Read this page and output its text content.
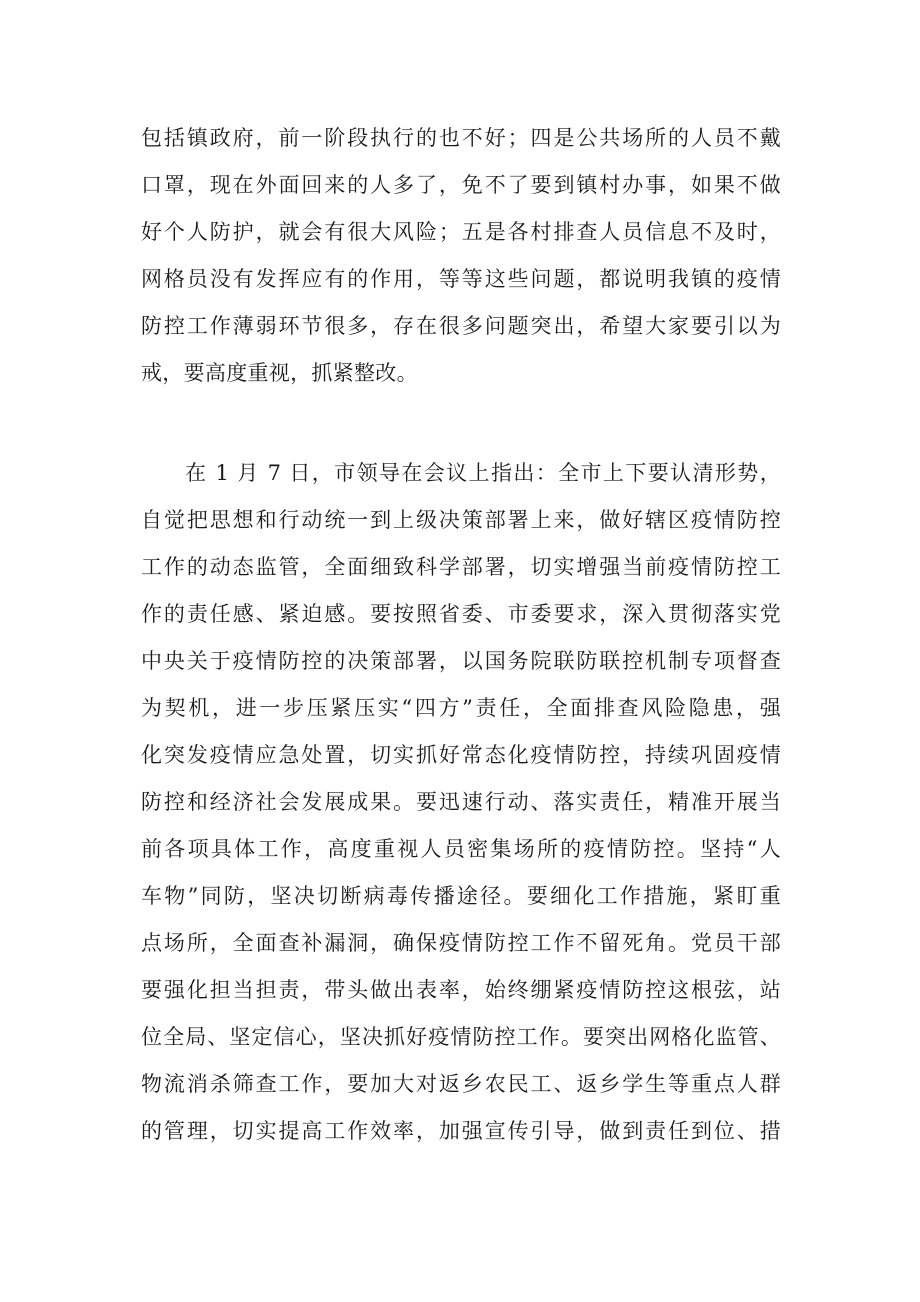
包括镇政府，前一阶段执行的也不好；四是公共场所的人员不戴
口罩，现在外面回来的人多了，免不了要到镇村办事，如果不做
好个人防护，就会有很大风险；五是各村排查人员信息不及时，
网格员没有发挥应有的作用，等等这些问题，都说明我镇的疫情
防控工作薄弱环节很多，存在很多问题突出，希望大家要引以为
戒，要高度重视，抓紧整改。
在 1 月 7 日，市领导在会议上指出：全市上下要认清形势，
自觉把思想和行动统一到上级决策部署上来，做好辖区疫情防控
工作的动态监管，全面细致科学部署，切实增强当前疫情防控工
作的责任感、紧迫感。要按照省委、市委要求，深入贯彻落实党
中央关于疫情防控的决策部署，以国务院联防联控机制专项督查
为契机，进一步压紧压实“四方”责任，全面排查风险隐患，强
化突发疫情应急处置，切实抓好常态化疫情防控，持续巩固疫情
防控和经济社会发展成果。要迅速行动、落实责任，精准开展当
前各项具体工作，高度重视人员密集场所的疫情防控。坚持“人
车物”同防，坚决切断病毒传播途径。要细化工作措施，紧盯重
点场所，全面查补漏洞，确保疫情防控工作不留死角。党员干部
要强化担当担责，带头做出表率，始终绷紧疫情防控这根弦，站
位全局、坚定信心，坚决抓好疫情防控工作。要突出网格化监管、
物流消杀筛查工作，要加大对返乡农民工、返乡学生等重点人群
的管理，切实提高工作效率，加强宣传引导，做到责任到位、措
